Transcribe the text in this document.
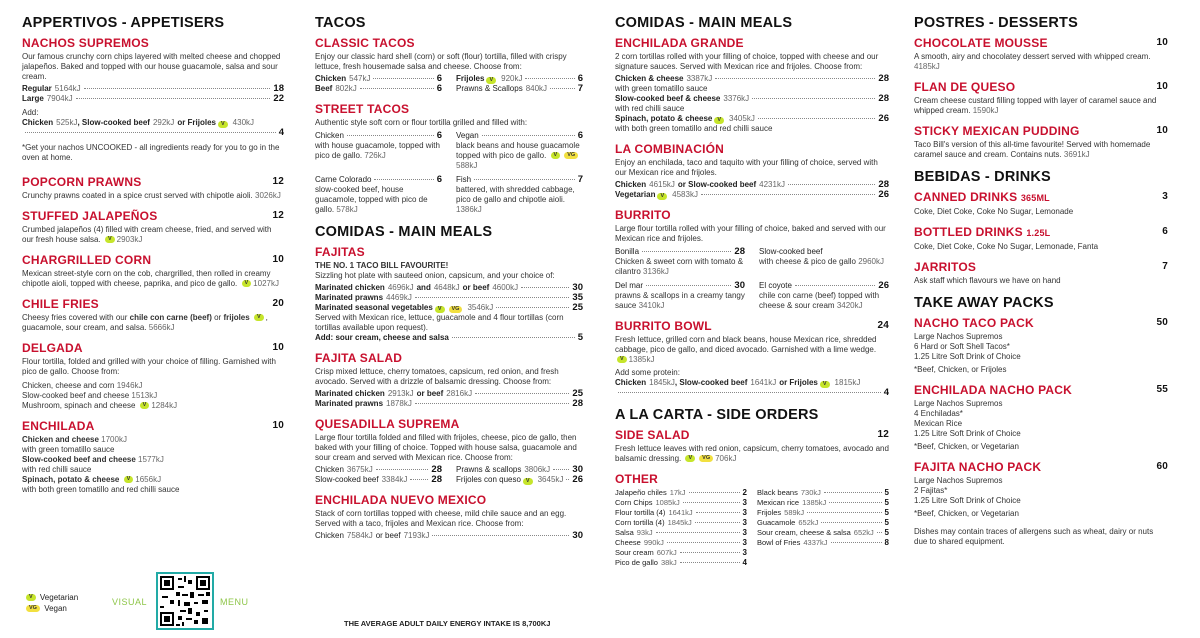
APPERTIVOS - APPETISERS
NACHOS SUPREMOS
Our famous crunchy corn chips layered with melted cheese and chopped jalapeños. Baked and topped with our house guacamole, salsa and sour cream.
Regular 5164kJ	18
Large 7904kJ	22
Add:
Chicken 525kJ , Slow-cooked beef 292kJ or Frijoles V	430kJ
4
*Get your nachos UNCOOKED - all ingredients ready for you to go in the oven at home.
POPCORN PRAWNS	12
Crunchy prawns coated in a spice crust served with chipotle aioli. 3026kJ
STUFFED JALAPEÑOS	12
Crumbed jalapeños (4) filled with cream cheese, fried, and served with our fresh house salsa. V 2903kJ
CHARGRILLED CORN	10
Mexican street-style corn on the cob, chargrilled, then rolled in creamy chipotle aioli, topped with cheese, paprika, and pico de gallo. V 1027kJ
CHILE FRIES	20
Cheesy fries covered with our chile con carne (beef) or frijoles V , guacamole, sour cream, and salsa. 5666kJ
DELGADA	10
Flour tortilla, folded and grilled with your choice of filling. Garnished with pico de gallo. Choose from:
Chicken, cheese and corn 1946kJ
Slow-cooked beef and cheese 1513kJ
Mushroom, spinach and cheese V 1284kJ
ENCHILADA	10
Chicken and cheese 1700kJ
with green tomatillo sauce
Slow-cooked beef and cheese 1577kJ
with red chilli sauce
Spinach, potato & cheese V 1656kJ
with both green tomatillo and red chilli sauce
V Vegetarian
VG Vegan
VISUAL	MENU
TACOS
CLASSIC TACOS
Enjoy our classic hard shell (corn) or soft (flour) tortilla, filled with crispy lettuce, fresh housemade salsa and cheese. Choose from:
Chicken 547kJ	6 Frijoles V	920kJ	6
Beef 802kJ	6 Prawns & Scallops 840kJ	7
STREET TACOS
Authentic style soft corn or flour tortilla grilled and filled with:
Chicken	6
with house guacamole, topped with pico de gallo. 726kJ
Vegan	6
black beans and house guacamole topped with pico de gallo. V VG588kJ
Carne Colorado	6
slow-cooked beef, house guacamole, topped with pico de gallo. 578kJ
Fish	7
battered, with shredded cabbage, pico de gallo and chipotle aioli. 1386kJ
COMIDAS - MAIN MEALS
FAJITAS
THE NO. 1 TACO BILL FAVOURITE!
Sizzling hot plate with sauteed onion, capsicum, and your choice of:
Marinated chicken 4696kJ and 4648kJ or beef 4600kJ	30
Marinated prawns 4469kJ	35
Marinated seasonal vegetables V	VG	3546kJ	25
Served with Mexican rice, lettuce, guacamole and 4 flour tortillas (corn tortillas available upon request).
Add: sour cream, cheese and salsa	5
FAJITA SALAD
Crisp mixed lettuce, cherry tomatoes, capsicum, red onion, and fresh avocado. Served with a drizzle of balsamic dressing. Choose from:
Marinated chicken 2913kJ or beef 2816kJ	25
Marinated prawns 1878kJ	28
QUESADILLA SUPREMA
Large flour tortilla folded and filled with frijoles, cheese, pico de gallo, then baked with your filling of choice. Topped with house salsa, guacamole and sour cream and served with Mexican rice. Choose from:
Chicken 3675kJ	28 Prawns & scallops 3806kJ 30
Slow-cooked beef 3384kJ	28 Frijoles con queso V	3645kJ 26
ENCHILADA NUEVO MEXICO
Stack of corn tortillas topped with cheese, mild chile sauce and an egg. Served with a taco, frijoles and Mexican rice. Choose from:
Chicken 7584kJ or beef 7193kJ	30
THE AVERAGE ADULT DAILY ENERGY INTAKE IS 8,700KJ
COMIDAS - MAIN MEALS
ENCHILADA GRANDE
2 corn tortillas rolled with your filling of choice, topped with cheese and our signature sauces. Served with Mexican rice and frijoles. Choose from:
Chicken & cheese 3387kJ	28
with green tomatillo sauce
Slow-cooked beef & cheese 3376kJ	28
with red chilli sauce
Spinach, potato & cheese V	3405kJ	26
with both green tomatillo and red chilli sauce
LA COMBINACIÓN
Enjoy an enchilada, taco and taquito with your filling of choice, served with our Mexican rice and frijoles.
Chicken 4615kJ or Slow-cooked beef 4231kJ	28
Vegetarian V	4583kJ	26
BURRITO
Large flour tortilla rolled with your filling of choice, baked and served with our Mexican rice and frijoles.
Bonilla	28
Chicken & sweet corn with tomato & cilantro 3136kJ
Slow-cooked beef
with cheese & pico de gallo 2960kJ
Del mar	30
prawns & scallops in a creamy tangy sauce 3410kJ
El coyote	26
chile con carne (beef) topped with cheese & sour cream 3420kJ
BURRITO BOWL	24
Fresh lettuce, grilled corn and black beans, house Mexican rice, shredded cabbage, pico de gallo, and diced avocado. Garnished with a lime wedge. V 1385kJ
Add some protein:
Chicken 1845kJ , Slow-cooked beef 1641kJ or Frijoles V	1815kJ
4
A LA CARTA - SIDE ORDERS
SIDE SALAD	12
Fresh lettuce leaves with red onion, capsicum, cherry tomatoes, avocado and balsamic dressing. V VG 706kJ
OTHER
Jalapeño chiles 17kJ	2
Corn Chips 1085kJ	3
Flour tortilla (4) 1641kJ	3
Corn tortilla (4) 1845kJ	3
Salsa 93kJ	3
Cheese 990kJ	3
Sour cream 607kJ	3
Pico de gallo 38kJ	4
Black beans 730kJ	5
Mexican rice 1385kJ	5
Frijoles 589kJ	5
Guacamole 652kJ	5
Sour cream, cheese & salsa 652kJ 5
Bowl of Fries 4337kJ	8
POSTRES - DESSERTS
CHOCOLATE MOUSSE	10
A smooth, airy and chocolatey dessert served with whipped cream. 4185kJ
FLAN DE QUESO	10
Cream cheese custard filling topped with layer of caramel sauce and whipped cream. 1590kJ
STICKY MEXICAN PUDDING	10
Taco Bill's version of this all-time favourite! Served with homemade caramel sauce and cream. Contains nuts. 3691kJ
BEBIDAS - DRINKS
CANNED DRINKS 365ML	3
Coke, Diet Coke, Coke No Sugar, Lemonade
BOTTLED DRINKS 1.25L	6
Coke, Diet Coke, Coke No Sugar, Lemonade, Fanta
JARRITOS	7
Ask staff which flavours we have on hand
TAKE AWAY PACKS
NACHO TACO PACK	50
Large Nachos Supremos
6 Hard or Soft Shell Tacos*
1.25 Litre Soft Drink of Choice
*Beef, Chicken, or Frijoles
ENCHILADA NACHO PACK	55
Large Nachos Supremos
4 Enchiladas*
Mexican Rice
1.25 Litre Soft Drink of Choice
*Beef, Chicken, or Vegetarian
FAJITA NACHO PACK	60
Large Nachos Supremos
2 Fajitas*
1.25 Litre Soft Drink of Choice
*Beef, Chicken, or Vegetarian
Dishes may contain traces of allergens such as wheat, dairy or nuts due to shared equipment.
